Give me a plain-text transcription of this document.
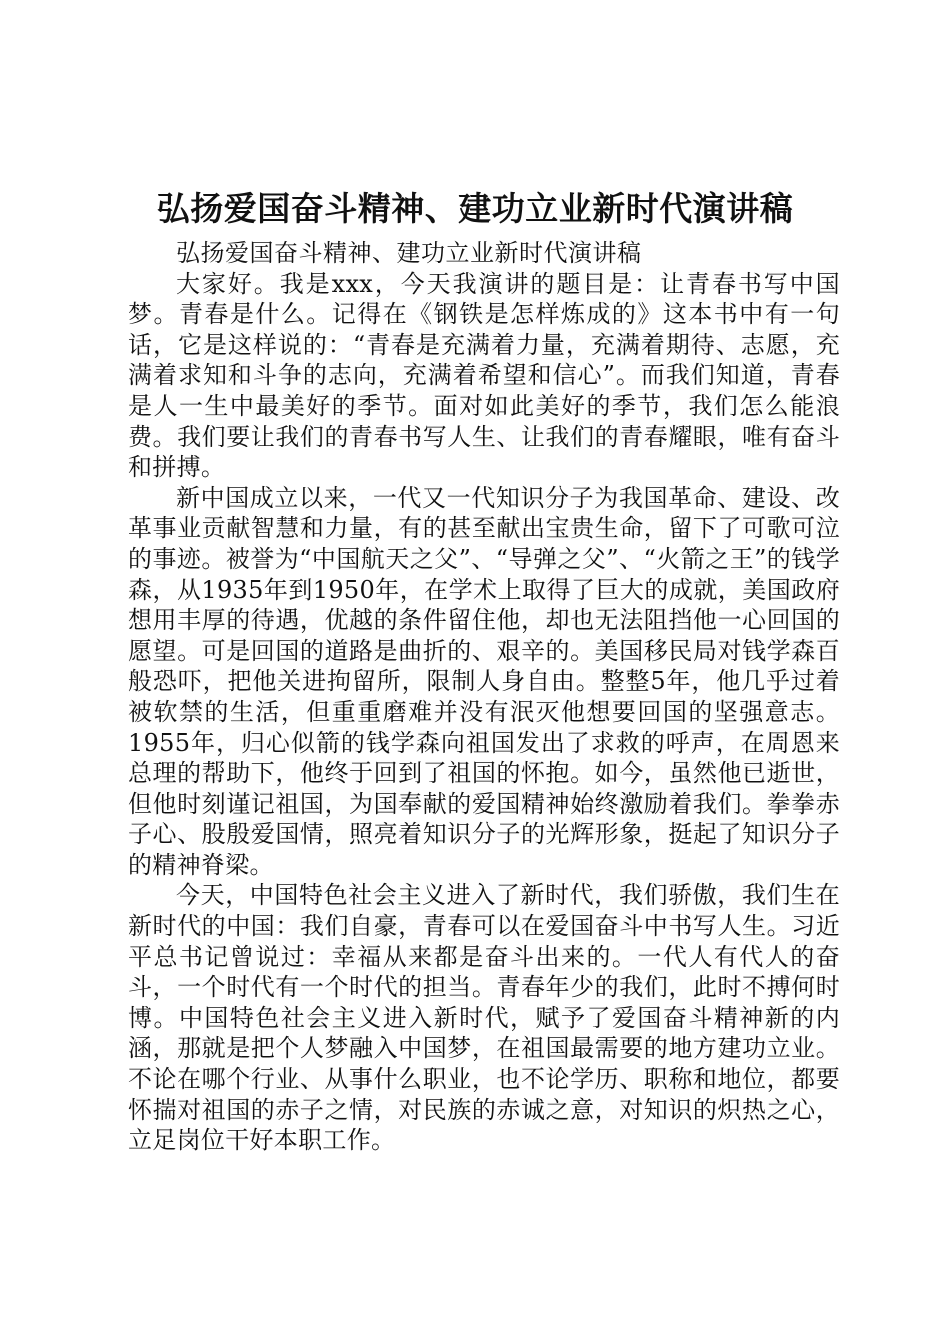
弘扬爱国奋斗精神、建功立业新时代演讲稿

弘扬爱国奋斗精神、建功立业新时代演讲稿

大家好。我是xxx，今天我演讲的题目是：让青春书写中国梦。青春是什么。记得在《钢铁是怎样炼成的》这本书中有一句话，它是这样说的：“青春是充满着力量，充满着期待、志愿，充满着求知和斗争的志向，充满着希望和信心”。而我们知道，青春是人一生中最美好的季节。面对如此美好的季节，我们怎么能浪费。我们要让我们的青春书写人生、让我们的青春耀眼，唯有奋斗和拼搏。

新中国成立以来，一代又一代知识分子为我国革命、建设、改革事业贡献智慧和力量，有的甚至献出宝贵生命，留下了可歌可泣的事迹。被誉为“中国航天之父”、“导弹之父”、“火箭之王”的钱学森，从1935年到1950年，在学术上取得了巨大的成就，美国政府想用丰厚的待遇，优越的条件留住他，却也无法阻挡他一心回国的愿望。可是回国的道路是曲折的、艰辛的。美国移民局对钱学森百般恐吓，把他关进拘留所，限制人身自由。整整5年，他几乎过着被软禁的生活，但重重磨难并没有泯灭他想要回国的坚强意志。1955年，归心似箭的钱学森向祖国发出了求救的呼声，在周恩来总理的帮助下，他终于回到了祖国的怀抱。如今，虽然他已逝世，但他时刻谨记祖国，为国奉献的爱国精神始终激励着我们。拳拳赤子心、股殷爱国情，照亮着知识分子的光辉形象，挺起了知识分子的精神脊梁。

今天，中国特色社会主义进入了新时代，我们骄傲，我们生在新时代的中国：我们自豪，青春可以在爱国奋斗中书写人生。习近平总书记曾说过：幸福从来都是奋斗出来的。一代人有代人的奋斗，一个时代有一个时代的担当。青春年少的我们，此时不搏何时博。中国特色社会主义进入新时代，赋予了爱国奋斗精神新的内涵，那就是把个人梦融入中国梦，在祖国最需要的地方建功立业。不论在哪个行业、从事什么职业，也不论学历、职称和地位，都要怀揣对祖国的赤子之情，对民族的赤诚之意，对知识的炽热之心，立足岗位干好本职工作。
